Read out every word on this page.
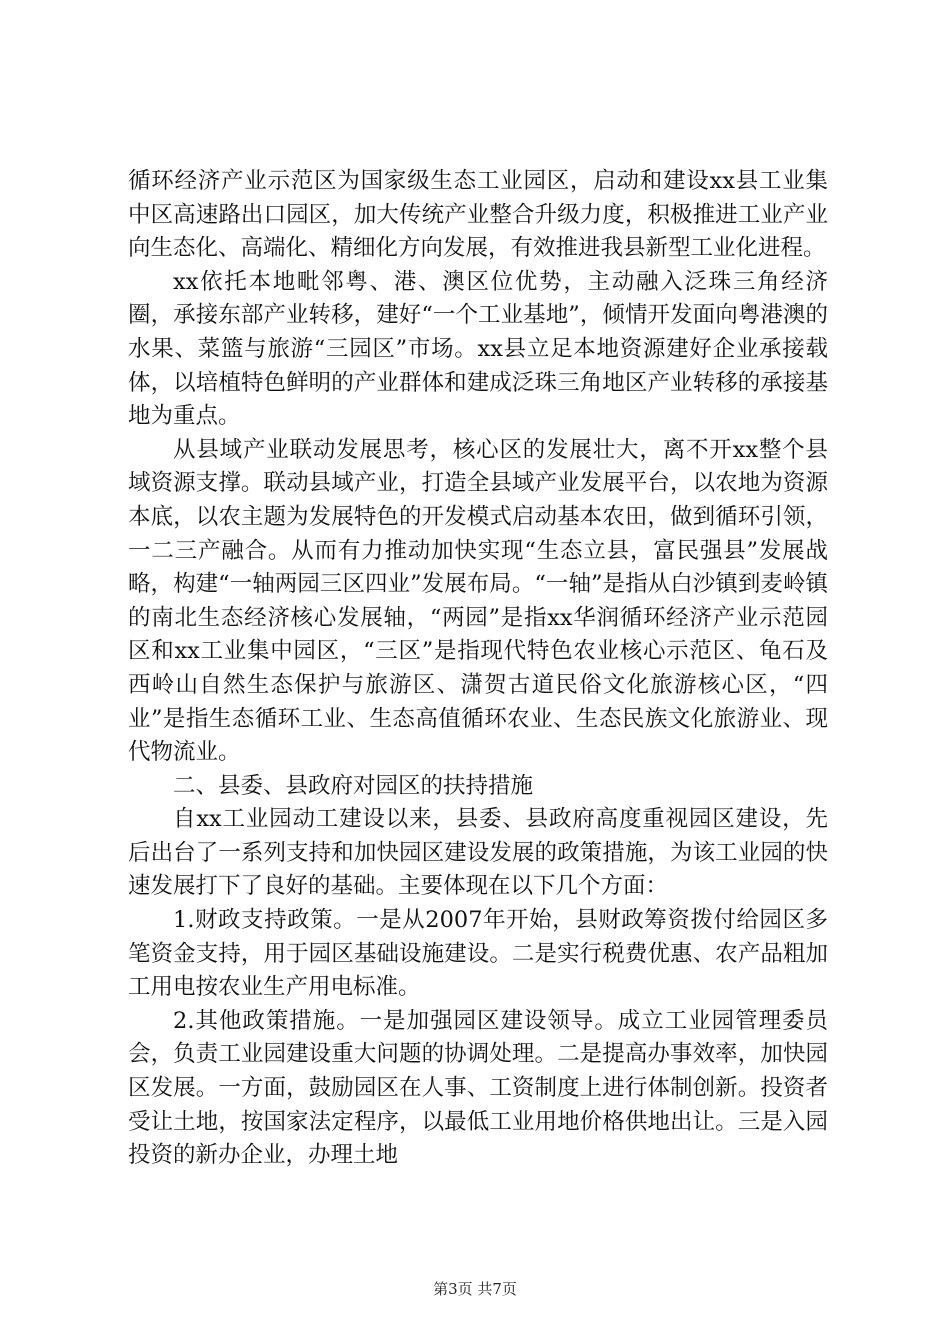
循环经济产业示范区为国家级生态工业园区，启动和建设xx县工业集中区高速路出口园区，加大传统产业整合升级力度，积极推进工业产业向生态化、高端化、精细化方向发展，有效推进我县新型工业化进程。

xx依托本地毗邻粤、港、澳区位优势，主动融入泛珠三角经济圈，承接东部产业转移，建好“一个工业基地”，倾情开发面向粤港澳的水果、菜篮与旅游“三园区”市场。xx县立足本地资源建好企业承接载体，以培植特色鲜明的产业群体和建成泛珠三角地区产业转移的承接基地为重点。

从县域产业联动发展思考，核心区的发展壮大，离不开xx整个县域资源支撑。联动县域产业，打造全县域产业发展平台，以农地为资源本底，以农主题为发展特色的开发模式启动基本农田，做到循环引领，一二三产融合。从而有力推动加快实现“生态立县，富民强县”发展战略，构建“一轴两园三区四业”发展布局。“一轴”是指从白沙镇到麦岭镇的南北生态经济核心发展轴，“两园”是指xx华润循环经济产业示范园区和xx工业集中园区，“三区”是指现代特色农业核心示范区、龟石及西岭山自然生态保护与旅游区、潇贺古道民俗文化旅游核心区，“四业”是指生态循环工业、生态高值循环农业、生态民族文化旅游业、现代物流业。

二、县委、县政府对园区的扶持措施

自xx工业园动工建设以来，县委、县政府高度重视园区建设，先后出台了一系列支持和加快园区建设发展的政策措施，为该工业园的快速发展打下了良好的基础。主要体现在以下几个方面：

1.财政支持政策。一是从2007年开始，县财政筹资拨付给园区多笔资金支持，用于园区基础设施建设。二是实行税费优惠、农产品粗加工用电按农业生产用电标准。

2.其他政策措施。一是加强园区建设领导。成立工业园管理委员会，负责工业园建设重大问题的协调处理。二是提高办事效率，加快园区发展。一方面，鼓励园区在人事、工资制度上进行体制创新。投资者受让土地，按国家法定程序，以最低工业用地价格供地出让。三是入园投资的新办企业，办理土地

第3页 共7页
